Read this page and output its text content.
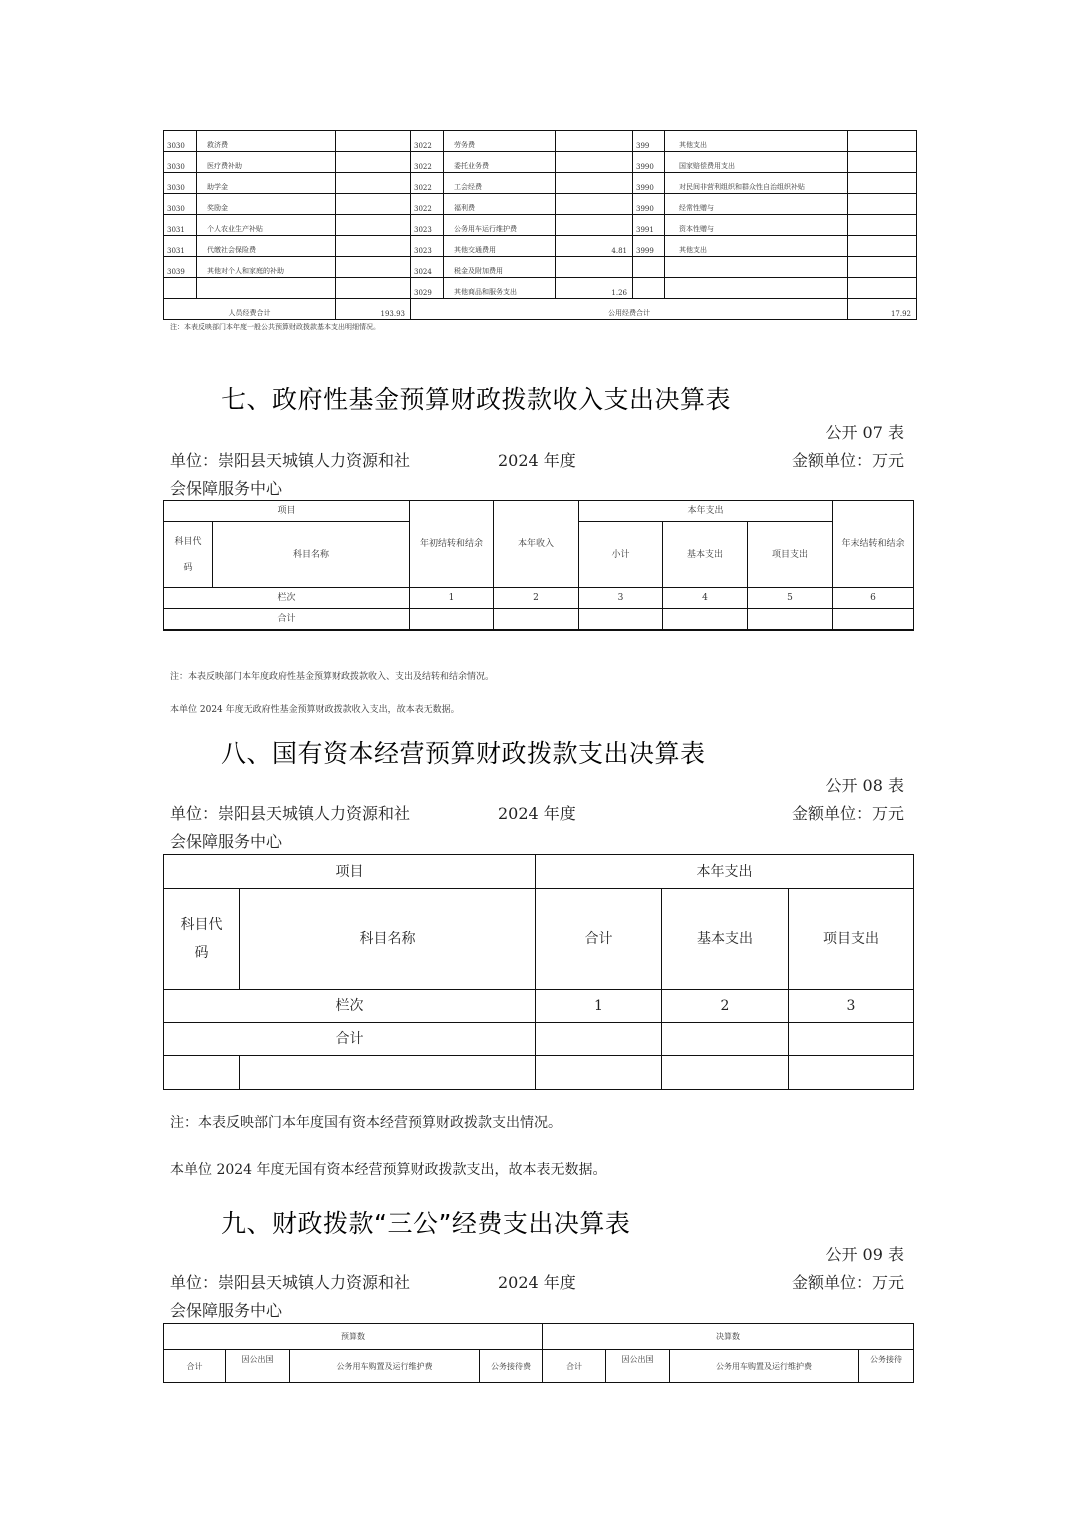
3030	救济费		3022	劳务费		399	其他支出	
3030	医疗费补助		3022	委托业务费		3990	国家赔偿费用支出	
3030	助学金		3022	工会经费		3990	对民间非营利组织和群众性自治组织补贴	
3030	奖励金		3022	福利费		3990	经常性赠与	
3031	个人农业生产补贴		3023	公务用车运行维护费		3991	资本性赠与	
3031	代缴社会保险费		3023	其他交通费用	4.81	3999	其他支出	
3039	其他对个人和家庭的补助		3024	税金及附加费用				
			3029	其他商品和服务支出	1.26			
人员经费合计		193.93	公用经费合计					17.92
注：本表反映部门本年度一般公共预算财政拨款基本支出明细情况。
七、政府性基金预算财政拨款收入支出决算表
公开 07 表
单位：崇阳县天城镇人力资源和社	2024 年度	金额单位：万元
会保障服务中心
项目		年初结转和结余	本年收入	本年支出			年末结转和结余
科目代码	科目名称			小计	基本支出	项目支出	
栏次		1	2	3	4	5	6
合计							

注：本表反映部门本年度政府性基金预算财政拨款收入、支出及结转和结余情况。
本单位 2024 年度无政府性基金预算财政拨款收入支出，故本表无数据。
八、国有资本经营预算财政拨款支出决算表
公开 08 表
单位：崇阳县天城镇人力资源和社	2024 年度	金额单位：万元
会保障服务中心
项目		本年支出		
科目代码	科目名称	合计	基本支出	项目支出
栏次		1	2	3
合计				

注：本表反映部门本年度国有资本经营预算财政拨款支出情况。
本单位 2024 年度无国有资本经营预算财政拨款支出，故本表无数据。
九、财政拨款“三公”经费支出决算表
公开 09 表
单位：崇阳县天城镇人力资源和社	2024 年度	金额单位：万元
会保障服务中心
预算数				决算数			
合计	因公出国	公务用车购置及运行维护费	公务接待费	合计	因公出国	公务用车购置及运行维护费	公务接待
